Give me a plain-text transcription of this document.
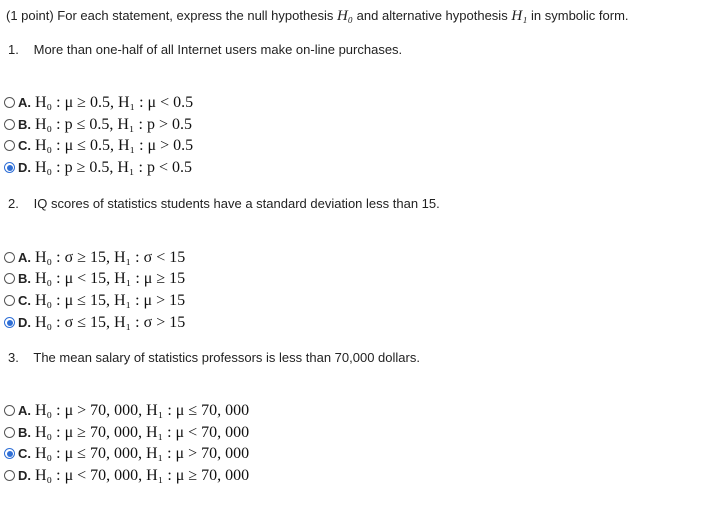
(1 point) For each statement, express the null hypothesis H₀ and alternative hypothesis H₁ in symbolic form.
1. More than one-half of all Internet users make on-line purchases.
A. H₀ : μ ≥ 0.5, H₁ : μ < 0.5
B. H₀ : p ≤ 0.5, H₁ : p > 0.5
C. H₀ : μ ≤ 0.5, H₁ : μ > 0.5
D. H₀ : p ≥ 0.5, H₁ : p < 0.5
2. IQ scores of statistics students have a standard deviation less than 15.
A. H₀ : σ ≥ 15, H₁ : σ < 15
B. H₀ : μ < 15, H₁ : μ ≥ 15
C. H₀ : μ ≤ 15, H₁ : μ > 15
D. H₀ : σ ≤ 15, H₁ : σ > 15
3. The mean salary of statistics professors is less than 70,000 dollars.
A. H₀ : μ > 70, 000, H₁ : μ ≤ 70, 000
B. H₀ : μ ≥ 70, 000, H₁ : μ < 70, 000
C. H₀ : μ ≤ 70, 000, H₁ : μ > 70, 000
D. H₀ : μ < 70, 000, H₁ : μ ≥ 70, 000
